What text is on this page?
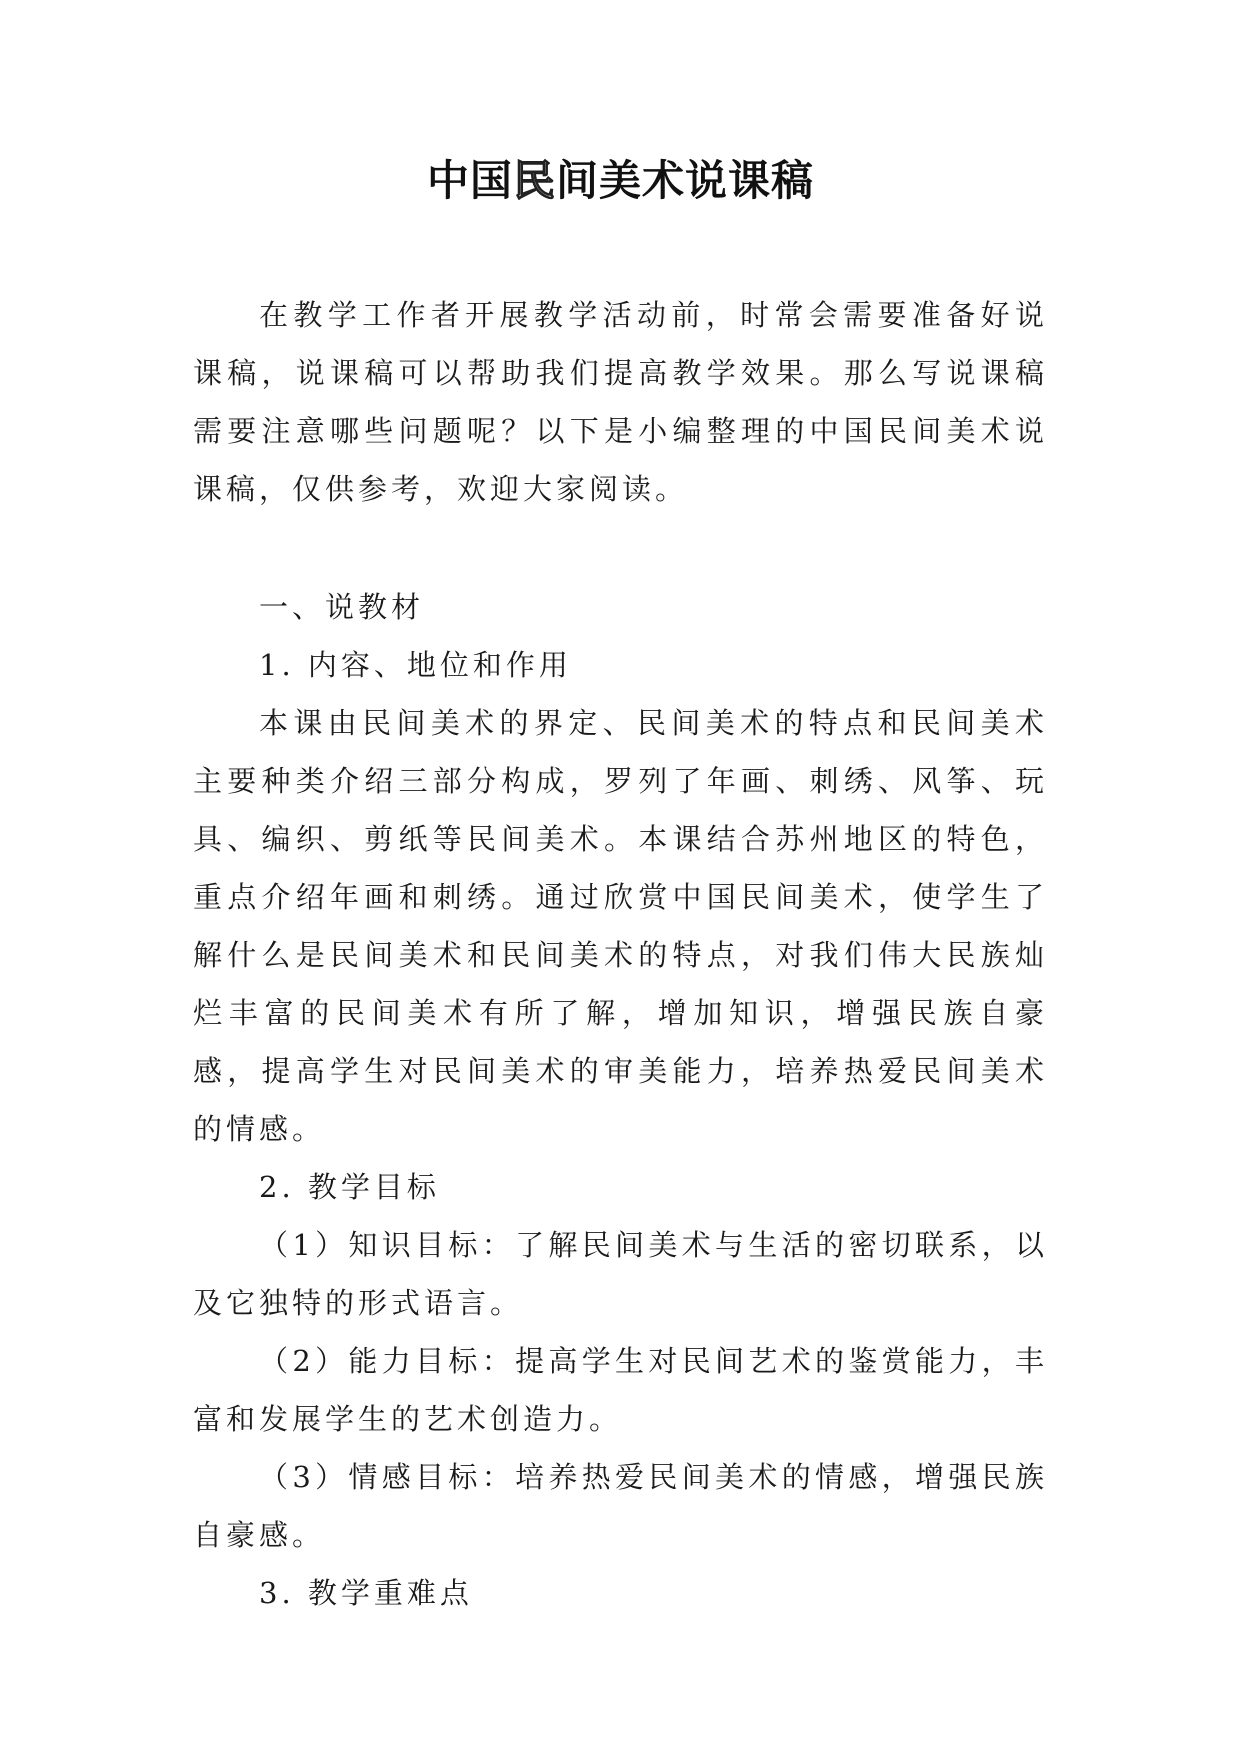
中国民间美术说课稿

在教学工作者开展教学活动前，时常会需要准备好说课稿，说课稿可以帮助我们提高教学效果。那么写说课稿需要注意哪些问题呢？以下是小编整理的中国民间美术说课稿，仅供参考，欢迎大家阅读。

一、说教材

1. 内容、地位和作用

本课由民间美术的界定、民间美术的特点和民间美术主要种类介绍三部分构成，罗列了年画、刺绣、风筝、玩具、编织、剪纸等民间美术。本课结合苏州地区的特色，重点介绍年画和刺绣。通过欣赏中国民间美术，使学生了解什么是民间美术和民间美术的特点，对我们伟大民族灿烂丰富的民间美术有所了解，增加知识，增强民族自豪感，提高学生对民间美术的审美能力，培养热爱民间美术的情感。

2. 教学目标

（1）知识目标：了解民间美术与生活的密切联系，以及它独特的形式语言。

（2）能力目标：提高学生对民间艺术的鉴赏能力，丰富和发展学生的艺术创造力。

（3）情感目标：培养热爱民间美术的情感，增强民族自豪感。

3. 教学重难点
